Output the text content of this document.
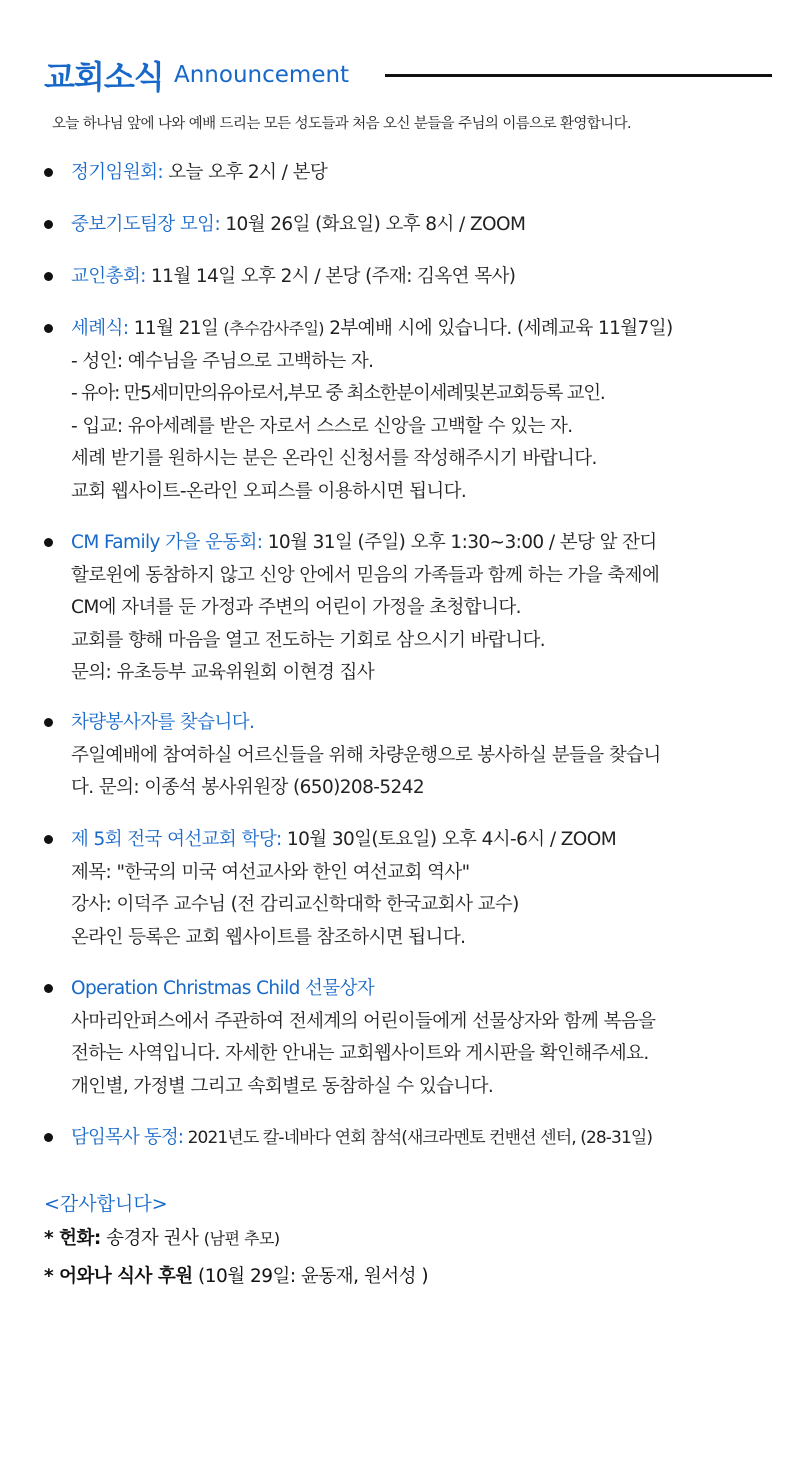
교회소식 Announcement
오늘 하나님 앞에 나와 예배 드리는 모든 성도들과 처음 오신 분들을 주님의 이름으로 환영합니다.
정기임원회: 오늘 오후 2시 / 본당
중보기도팀장 모임: 10월 26일 (화요일) 오후 8시 / ZOOM
교인총회: 11월 14일 오후 2시 / 본당 (주재: 김옥연 목사)
세례식: 11월 21일 (추수감사주일) 2부예배 시에 있습니다. (세례교육 11월7일)
- 성인: 예수님을 주님으로 고백하는 자.
- 유아: 만5세미만의유아로서,부모 중 최소한분이세례및본교회등록 교인.
- 입교: 유아세례를 받은 자로서 스스로 신앙을 고백할 수 있는 자.
세례 받기를 원하시는 분은 온라인 신청서를 작성해주시기 바랍니다.
교회 웹사이트-온라인 오피스를 이용하시면 됩니다.
CM Family 가을 운동회: 10월 31일 (주일) 오후 1:30~3:00 / 본당 앞 잔디
할로윈에 동참하지 않고 신앙 안에서 믿음의 가족들과 함께 하는 가을 축제에
CM에 자녀를 둔 가정과 주변의 어린이 가정을 초청합니다.
교회를 향해 마음을 열고 전도하는 기회로 삼으시기 바랍니다.
문의: 유초등부 교육위원회 이현경 집사
차량봉사자를 찾습니다.
주일예배에 참여하실 어르신들을 위해 차량운행으로 봉사하실 분들을 찾습니
다. 문의: 이종석 봉사위원장 (650)208-5242
제 5회 전국 여선교회 학당: 10월 30일(토요일) 오후 4시-6시 / ZOOM
제목: "한국의 미국 여선교사와 한인 여선교회 역사"
강사: 이덕주 교수님 (전 감리교신학대학 한국교회사 교수)
온라인 등록은 교회 웹사이트를 참조하시면 됩니다.
Operation Christmas Child 선물상자
사마리안퍼스에서 주관하여 전세계의 어린이들에게 선물상자와 함께 복음을
전하는 사역입니다. 자세한 안내는 교회웹사이트와 게시판을 확인해주세요.
개인별, 가정별 그리고 속회별로 동참하실 수 있습니다.
담임목사 동정: 2021년도 칼-네바다 연회 참석(새크라멘토 컨밴션 센터, (28-31일)
<감사합니다>
* 헌화: 송경자 권사 (남편 추모)
* 어와나 식사 후원 (10월 29일: 윤동재, 원서성 )
